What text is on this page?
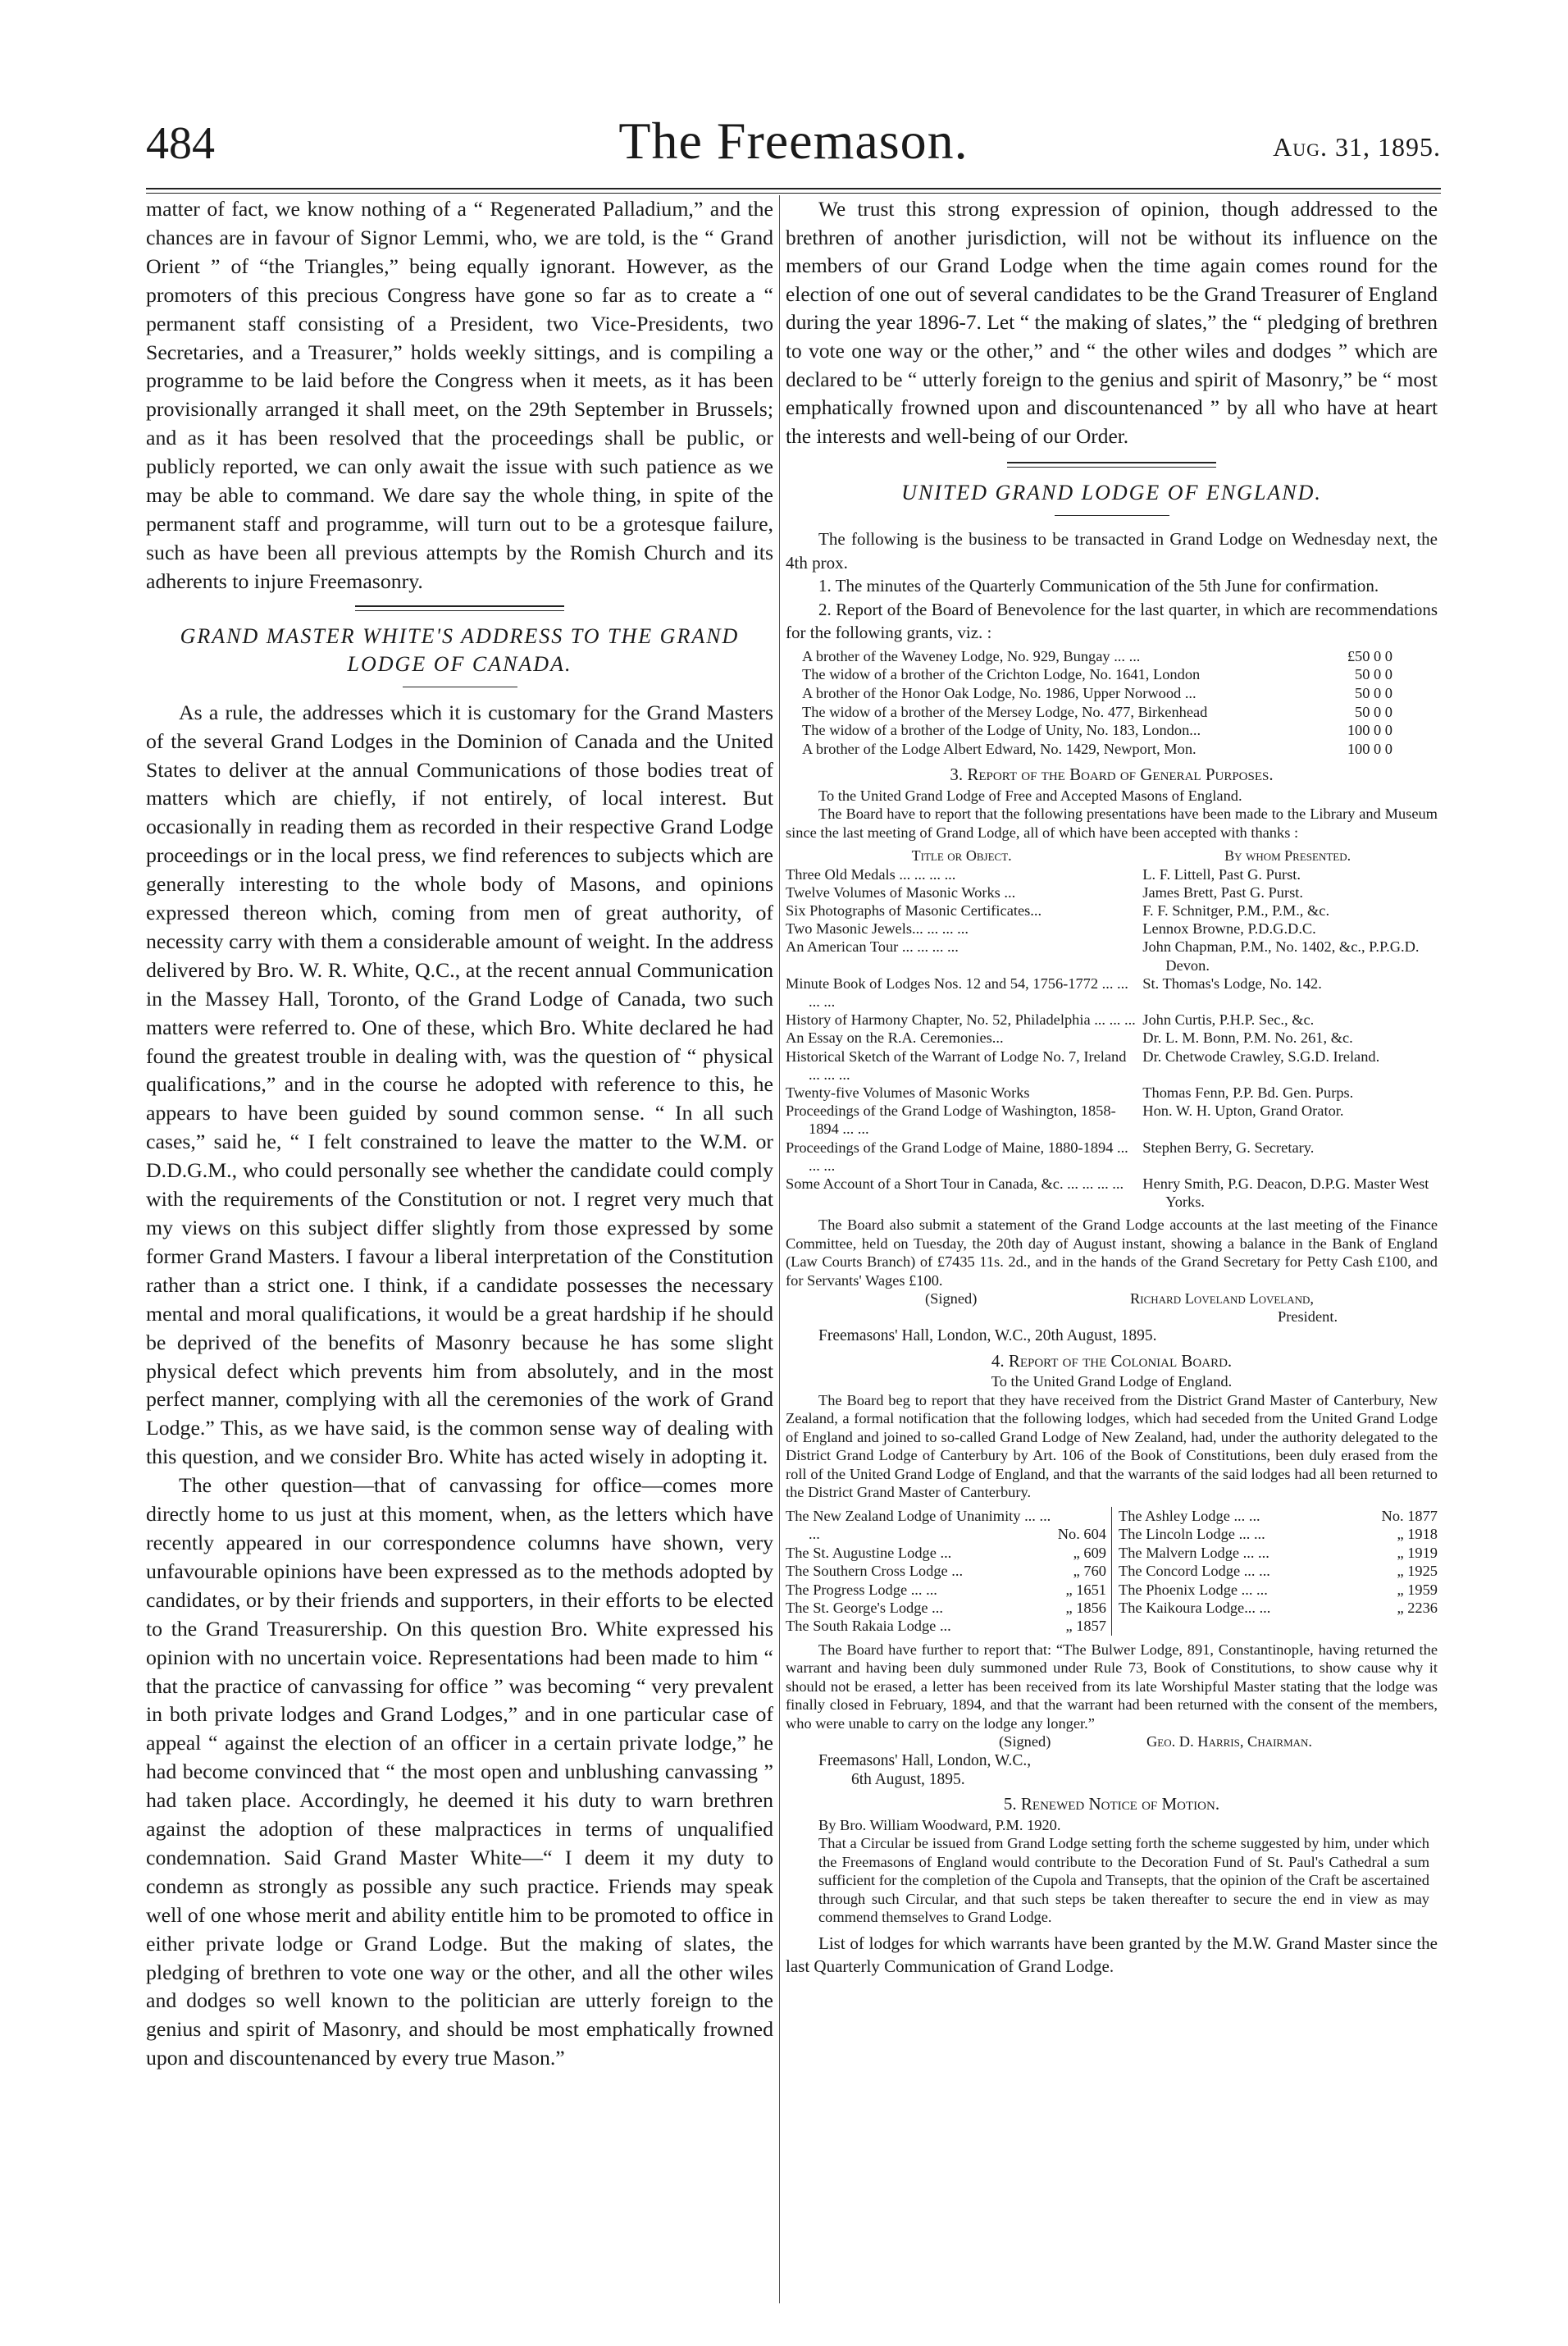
484	The Freemason.	Aug. 31, 1895.

matter of fact, we know nothing of a “ Regenerated Palladium,” and the chances are in favour of Signor Lemmi, who, we are told, is the “ Grand Orient ” of “the Triangles,” being equally ignorant. However, as the promoters of this precious Congress have gone so far as to create a “ permanent staff consisting of a President, two Vice-Presidents, two Secretaries, and a Treasurer,” holds weekly sittings, and is compiling a programme to be laid before the Congress when it meets, as it has been provisionally arranged it shall meet, on the 29th September in Brussels; and as it has been resolved that the proceedings shall be public, or publicly reported, we can only await the issue with such patience as we may be able to command. We dare say the whole thing, in spite of the permanent staff and programme, will turn out to be a grotesque failure, such as have been all previous attempts by the Romish Church and its adherents to injure Freemasonry.

GRAND MASTER WHITE'S ADDRESS TO THE GRAND LODGE OF CANADA.

As a rule, the addresses which it is customary for the Grand Masters of the several Grand Lodges in the Dominion of Canada and the United States to deliver at the annual Communications of those bodies treat of matters which are chiefly, if not entirely, of local interest. But occasionally in reading them as recorded in their respective Grand Lodge proceedings or in the local press, we find references to subjects which are generally interesting to the whole body of Masons, and opinions expressed thereon which, coming from men of great authority, of necessity carry with them a considerable amount of weight. In the address delivered by Bro. W. R. White, Q.C., at the recent annual Communication in the Massey Hall, Toronto, of the Grand Lodge of Canada, two such matters were referred to. One of these, which Bro. White declared he had found the greatest trouble in dealing with, was the question of “ physical qualifications,” and in the course he adopted with reference to this, he appears to have been guided by sound common sense. “ In all such cases,” said he, “ I felt constrained to leave the matter to the W.M. or D.D.G.M., who could personally see whether the candidate could comply with the requirements of the Constitution or not. I regret very much that my views on this subject differ slightly from those expressed by some former Grand Masters. I favour a liberal interpretation of the Constitution rather than a strict one. I think, if a candidate possesses the necessary mental and moral qualifications, it would be a great hardship if he should be deprived of the benefits of Masonry because he has some slight physical defect which prevents him from absolutely, and in the most perfect manner, complying with all the ceremonies of the work of Grand Lodge.” This, as we have said, is the common sense way of dealing with this question, and we consider Bro. White has acted wisely in adopting it.

The other question—that of canvassing for office—comes more directly home to us just at this moment, when, as the letters which have recently appeared in our correspondence columns have shown, very unfavourable opinions have been expressed as to the methods adopted by candidates, or by their friends and supporters, in their efforts to be elected to the Grand Treasurership. On this question Bro. White expressed his opinion with no uncertain voice. Representations had been made to him “ that the practice of canvassing for office ” was becoming “ very prevalent in both private lodges and Grand Lodges,” and in one particular case of appeal “ against the election of an officer in a certain private lodge,” he had become convinced that “ the most open and unblushing canvassing ” had taken place. Accordingly, he deemed it his duty to warn brethren against the adoption of these malpractices in terms of unqualified condemnation. Said Grand Master White—“ I deem it my duty to condemn as strongly as possible any such practice. Friends may speak well of one whose merit and ability entitle him to be promoted to office in either private lodge or Grand Lodge. But the making of slates, the pledging of brethren to vote one way or the other, and all the other wiles and dodges so well known to the politician are utterly foreign to the genius and spirit of Masonry, and should be most emphatically frowned upon and discountenanced by every true Mason.”

We trust this strong expression of opinion, though addressed to the brethren of another jurisdiction, will not be without its influence on the members of our Grand Lodge when the time again comes round for the election of one out of several candidates to be the Grand Treasurer of England during the year 1896-7. Let “ the making of slates,” the “ pledging of brethren to vote one way or the other,” and “ the other wiles and dodges ” which are declared to be “ utterly foreign to the genius and spirit of Masonry,” be “ most emphatically frowned upon and discountenanced ” by all who have at heart the interests and well-being of our Order.

UNITED GRAND LODGE OF ENGLAND.

The following is the business to be transacted in Grand Lodge on Wednesday next, the 4th prox.

1. The minutes of the Quarterly Communication of the 5th June for confirmation.

2. Report of the Board of Benevolence for the last quarter, in which are recommendations for the following grants, viz. :

A brother of the Waveney Lodge, No. 929, Bungay ... ...	£50 0 0
The widow of a brother of the Crichton Lodge, No. 1641, London	50 0 0
A brother of the Honor Oak Lodge, No. 1986, Upper Norwood ...	50 0 0
The widow of a brother of the Mersey Lodge, No. 477, Birkenhead	50 0 0
The widow of a brother of the Lodge of Unity, No. 183, London...	100 0 0
A brother of the Lodge Albert Edward, No. 1429, Newport, Mon.	100 0 0

3. Report of the Board of General Purposes.

To the United Grand Lodge of Free and Accepted Masons of England.

The Board have to report that the following presentations have been made to the Library and Museum since the last meeting of Grand Lodge, all of which have been accepted with thanks :

Title or Object.	By whom Presented.
Three Old Medals ... ... ... ...	L. F. Littell, Past G. Purst.
Twelve Volumes of Masonic Works ...	James Brett, Past G. Purst.
Six Photographs of Masonic Certificates...	F. F. Schnitger, P.M., P.M., &c.
Two Masonic Jewels... ... ... ...	Lennox Browne, P.D.G.D.C.
An American Tour ... ... ... ...	John Chapman, P.M., No. 1402, &c., P.P.G.D. Devon.
Minute Book of Lodges Nos. 12 and 54, 1756-1772 ... ... ... ...	St. Thomas's Lodge, No. 142.
History of Harmony Chapter, No. 52, Philadelphia ... ... ...	John Curtis, P.H.P. Sec., &c.
An Essay on the R.A. Ceremonies...	Dr. L. M. Bonn, P.M. No. 261, &c.
Historical Sketch of the Warrant of Lodge No. 7, Ireland ... ... ...	Dr. Chetwode Crawley, S.G.D. Ireland.
Twenty-five Volumes of Masonic Works	Thomas Fenn, P.P. Bd. Gen. Purps.
Proceedings of the Grand Lodge of Washington, 1858-1894 ... ...	Hon. W. H. Upton, Grand Orator.
Proceedings of the Grand Lodge of Maine, 1880-1894 ... ... ...	Stephen Berry, G. Secretary.
Some Account of a Short Tour in Canada, &c. ... ... ... ...	Henry Smith, P.G. Deacon, D.P.G. Master West Yorks.

The Board also submit a statement of the Grand Lodge accounts at the last meeting of the Finance Committee, held on Tuesday, the 20th day of August instant, showing a balance in the Bank of England (Law Courts Branch) of £7435 11s. 2d., and in the hands of the Grand Secretary for Petty Cash £100, and for Servants' Wages £100.

(Signed)	Richard Loveland Loveland,
President.

Freemasons' Hall, London, W.C., 20th August, 1895.

4. Report of the Colonial Board.

To the United Grand Lodge of England.

The Board beg to report that they have received from the District Grand Master of Canterbury, New Zealand, a formal notification that the following lodges, which had seceded from the United Grand Lodge of England and joined to so-called Grand Lodge of New Zealand, had, under the authority delegated to the District Grand Lodge of Canterbury by Art. 106 of the Book of Constitutions, been duly erased from the roll of the United Grand Lodge of England, and that the warrants of the said lodges had all been returned to the District Grand Master of Canterbury.

The New Zealand Lodge of Unanimity ... ... ...	No. 604
The St. Augustine Lodge ...	„ 609
The Southern Cross Lodge ...	„ 760
The Progress Lodge ... ...	„ 1651
The St. George's Lodge ...	„ 1856
The South Rakaia Lodge ...	„ 1857

The Ashley Lodge ... ...	No. 1877
The Lincoln Lodge ... ...	„ 1918
The Malvern Lodge ... ...	„ 1919
The Concord Lodge ... ...	„ 1925
The Phoenix Lodge ... ...	„ 1959
The Kaikoura Lodge... ...	„ 2236

The Board have further to report that: “The Bulwer Lodge, 891, Constantinople, having returned the warrant and having been duly summoned under Rule 73, Book of Constitutions, to show cause why it should not be erased, a letter has been received from its late Worshipful Master stating that the lodge was finally closed in February, 1894, and that the warrant had been returned with the consent of the members, who were unable to carry on the lodge any longer.”

(Signed)	Geo. D. Harris, Chairman.

Freemasons' Hall, London, W.C.,

6th August, 1895.

5. Renewed Notice of Motion.

By Bro. William Woodward, P.M. 1920.

That a Circular be issued from Grand Lodge setting forth the scheme suggested by him, under which the Freemasons of England would contribute to the Decoration Fund of St. Paul's Cathedral a sum sufficient for the completion of the Cupola and Transepts, that the opinion of the Craft be ascertained through such Circular, and that such steps be taken thereafter to secure the end in view as may commend themselves to Grand Lodge.

List of lodges for which warrants have been granted by the M.W. Grand Master since the last Quarterly Communication of Grand Lodge.
